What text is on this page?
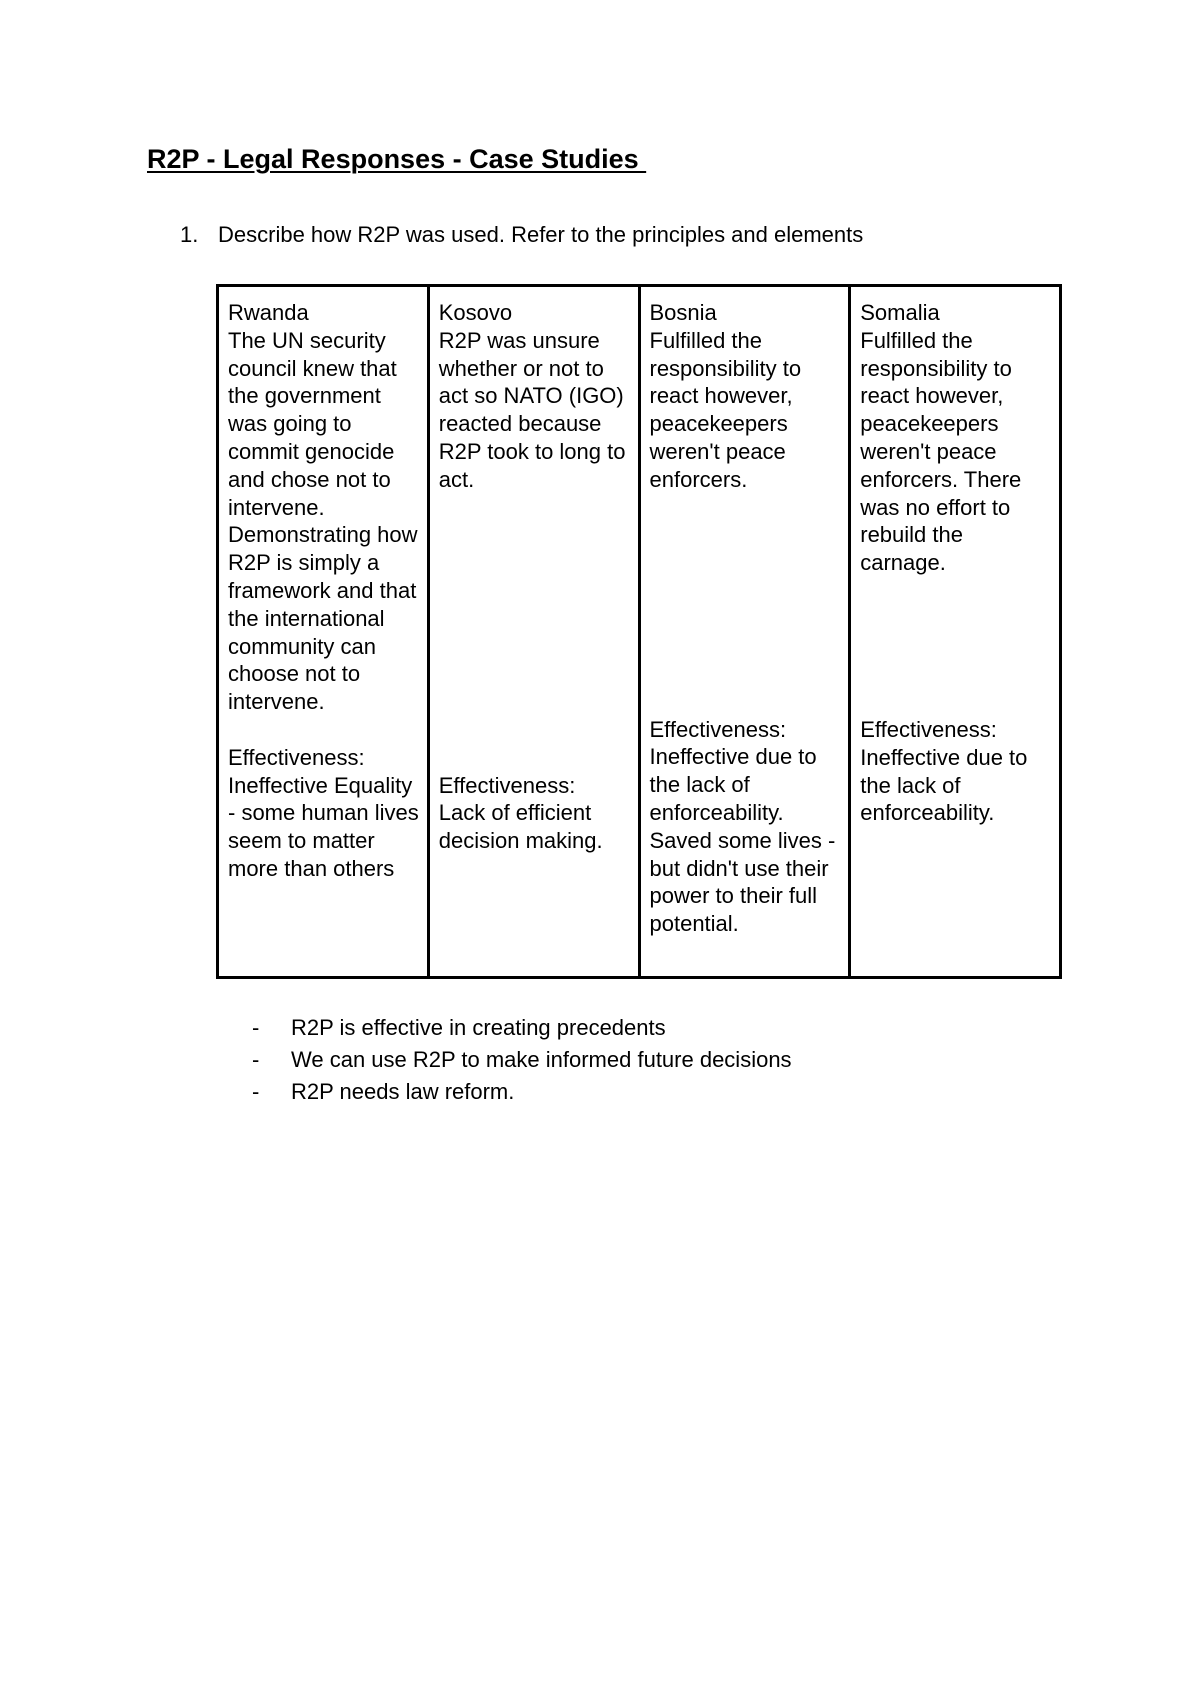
R2P - Legal Responses - Case Studies
1. Describe how R2P was used. Refer to the principles and elements
Rwanda
The UN security council knew that the government was going to commit genocide and chose not to intervene. Demonstrating how R2P is simply a framework and that the international community can choose not to intervene.
Effectiveness:
Ineffective Equality - some human lives seem to matter more than others

Kosovo
R2P was unsure whether or not to act so NATO (IGO) reacted because R2P took to long to act.
Effectiveness:
Lack of efficient decision making.

Bosnia
Fulfilled the responsibility to react however, peacekeepers weren't peace enforcers.
Effectiveness:
Ineffective due to the lack of enforceability. Saved some lives - but didn't use their power to their full potential.

Somalia
Fulfilled the responsibility to react however, peacekeepers weren't peace enforcers. There was no effort to rebuild the carnage.
Effectiveness:
Ineffective due to the lack of enforceability.
- R2P is effective in creating precedents
- We can use R2P to make informed future decisions
- R2P needs law reform.
